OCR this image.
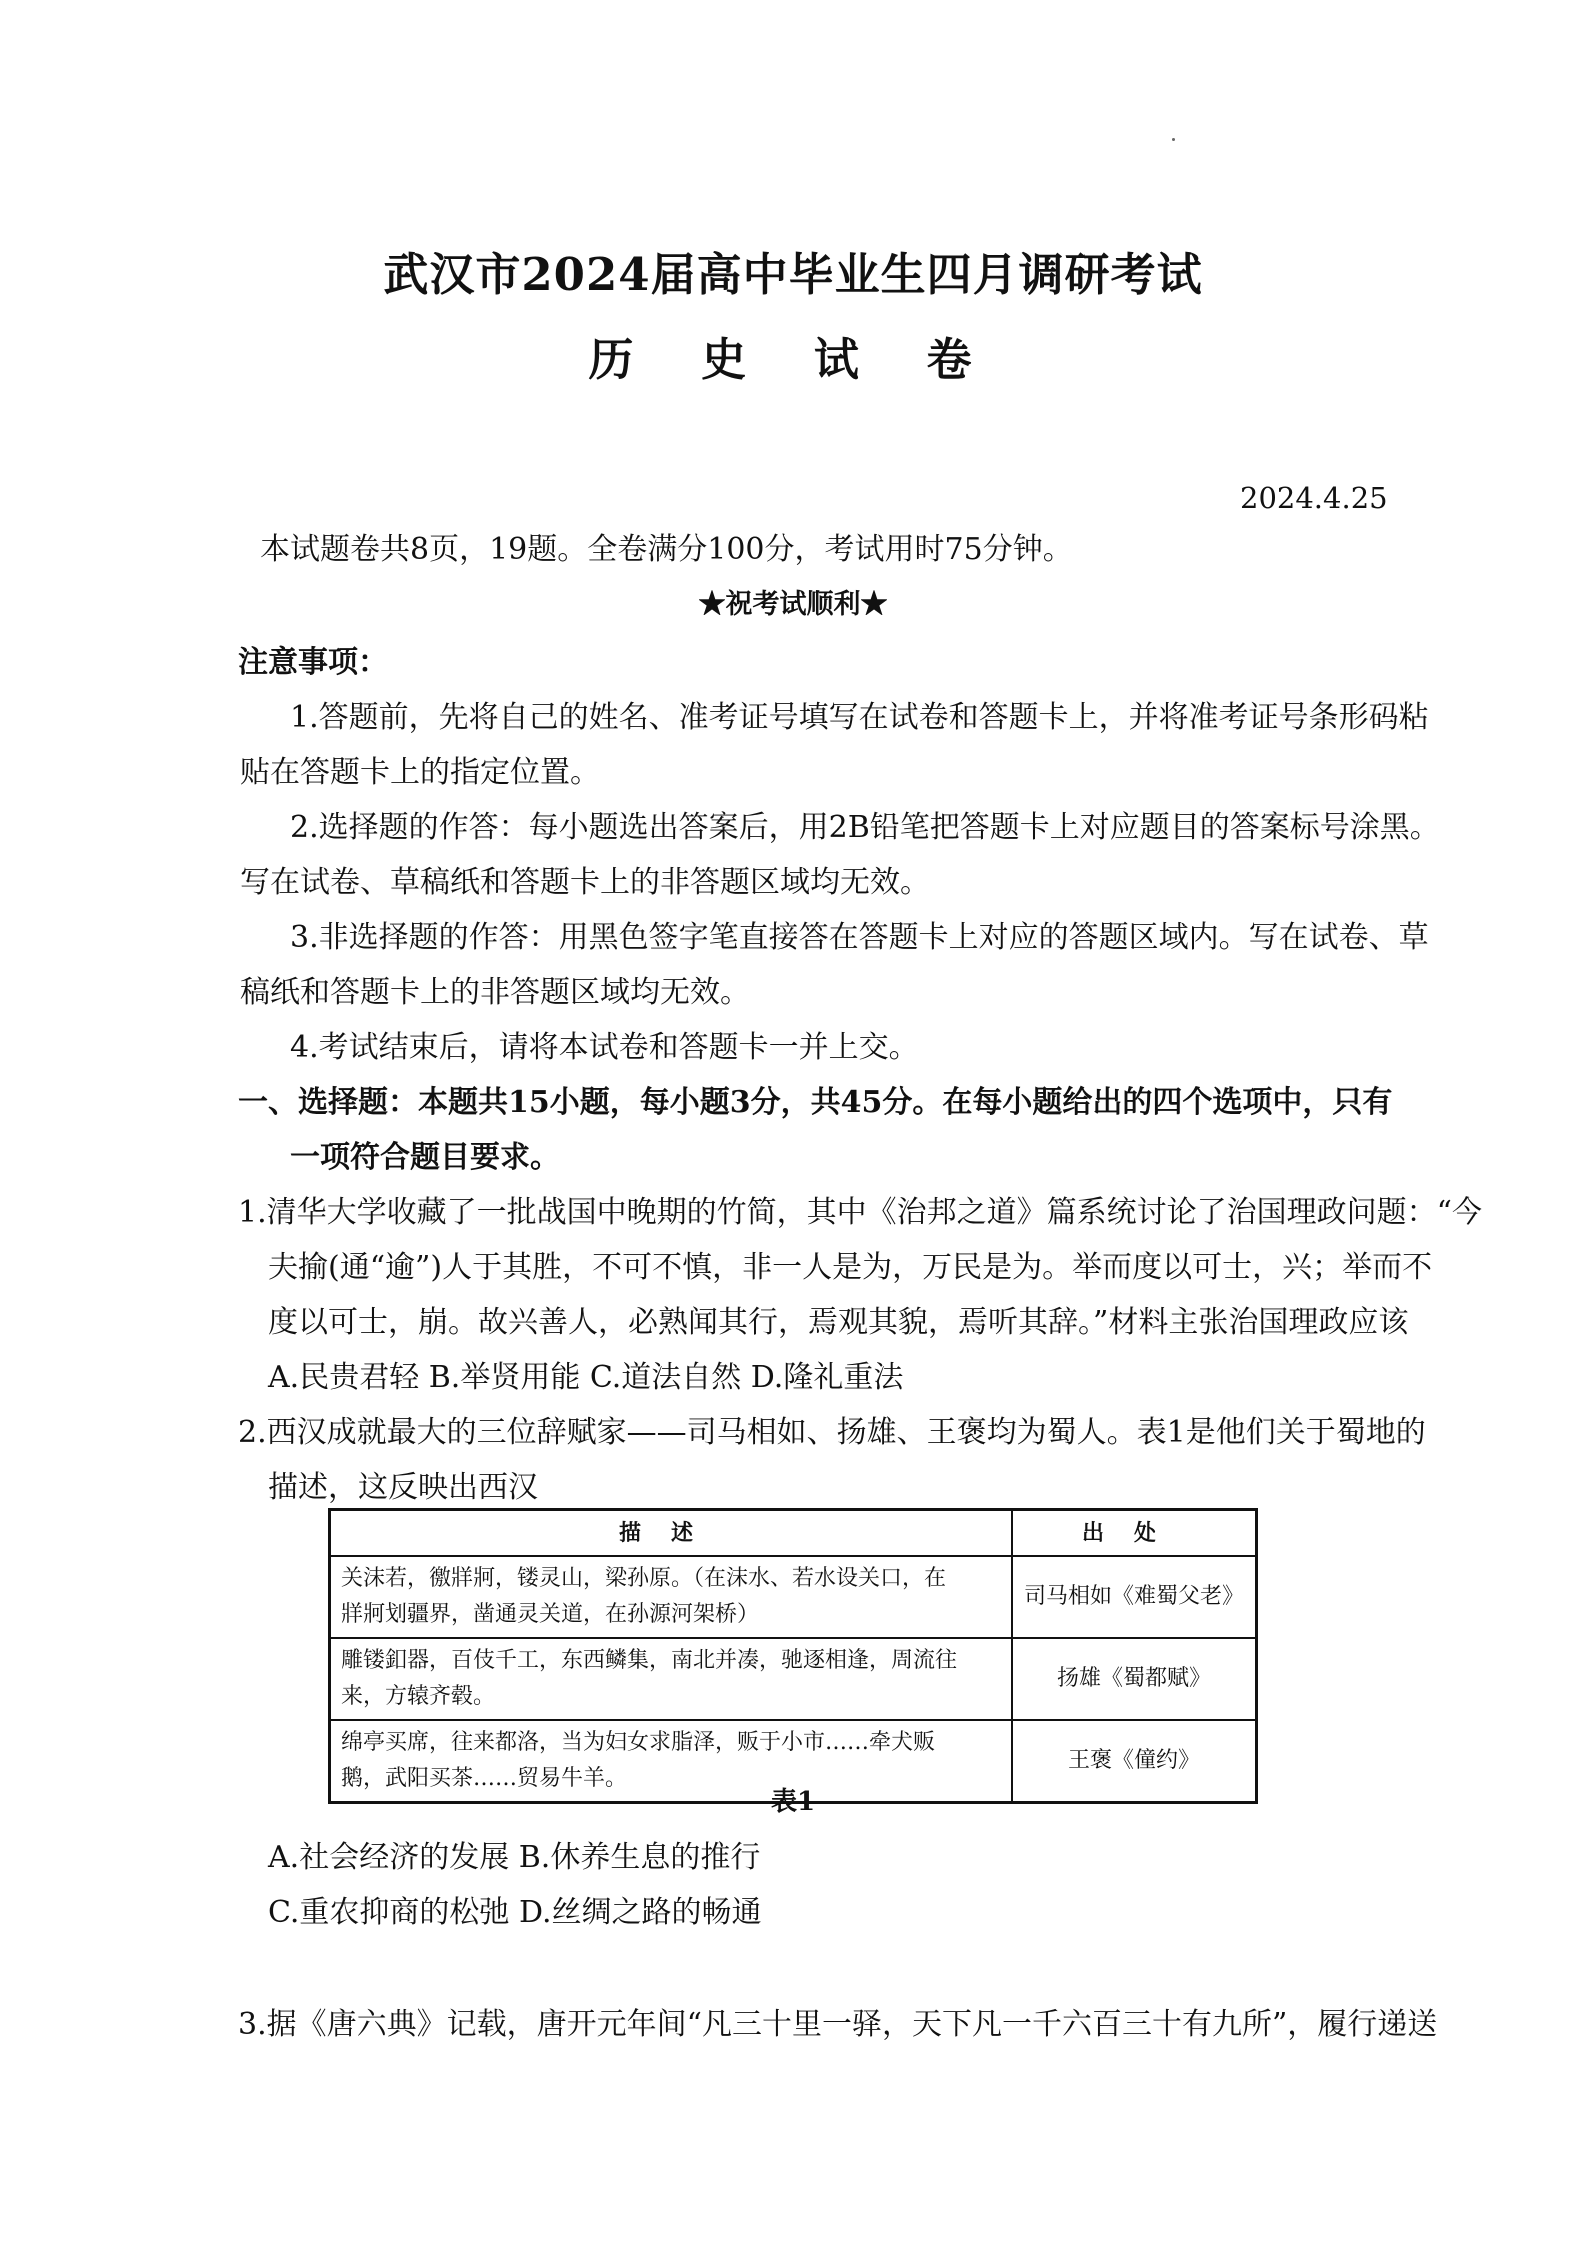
武汉市2024届高中毕业生四月调研考试
历 史 试 卷
2024.4.25
本试题卷共8页，19题。全卷满分100分，考试用时75分钟。
★祝考试顺利★
注意事项：
1.答题前，先将自己的姓名、准考证号填写在试卷和答题卡上，并将准考证号条形码粘
贴在答题卡上的指定位置。
2.选择题的作答：每小题选出答案后，用2B铅笔把答题卡上对应题目的答案标号涂黑。
写在试卷、草稿纸和答题卡上的非答题区域均无效。
3.非选择题的作答：用黑色签字笔直接答在答题卡上对应的答题区域内。写在试卷、草
稿纸和答题卡上的非答题区域均无效。
4.考试结束后，请将本试卷和答题卡一并上交。
一、选择题：本题共15小题，每小题3分，共45分。在每小题给出的四个选项中，只有
一项符合题目要求。
1.清华大学收藏了一批战国中晚期的竹简，其中《治邦之道》篇系统讨论了治国理政问题：“今
夫揄(通“逾”)人于其胜，不可不慎，非一人是为，万民是为。举而度以可士，兴；举而不
度以可士，崩。故兴善人，必熟闻其行，焉观其貌，焉听其辞。”材料主张治国理政应该
A.民贵君轻 B.举贤用能 C.道法自然 D.隆礼重法
2.西汉成就最大的三位辞赋家——司马相如、扬雄、王褒均为蜀人。表1是他们关于蜀地的
描述，这反映出西汉
描述	出处

关沫若，徼牂牁，镂灵山，梁孙原。（在沫水、若水设关口，在
牂牁划疆界，凿通灵关道，在孙源河架桥）	司马相如《难蜀父老》

雕镂釦器，百伎千工，东西鳞集，南北并凑，驰逐相逢，周流往
来，方辕齐毂。	扬雄《蜀都赋》

绵亭买席，往来都洛，当为妇女求脂泽，贩于小市……牵犬贩
鹅，武阳买茶……贸易牛羊。	王褒《僮约》
表1
A.社会经济的发展 B.休养生息的推行
C.重农抑商的松弛 D.丝绸之路的畅通
3.据《唐六典》记载，唐开元年间“凡三十里一驿，天下凡一千六百三十有九所”，履行递送
